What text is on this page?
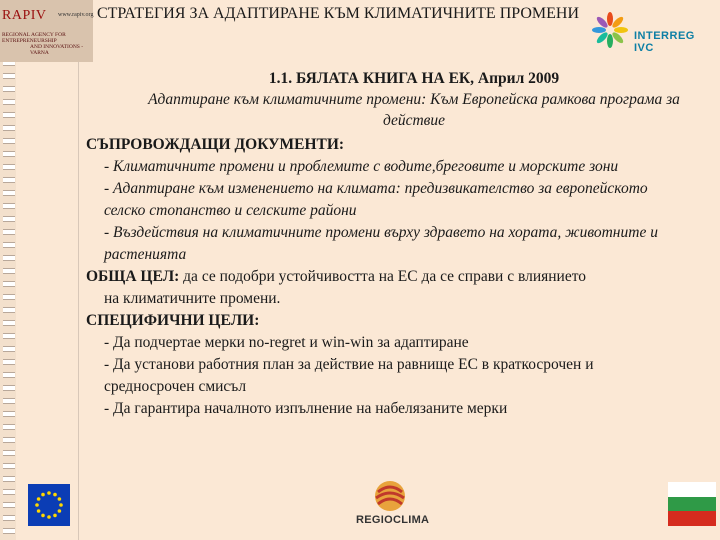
RAPIV www.rapiv.org
REGIONAL AGENCY FOR ENTREPRENEURSHIP
AND INNOVATIONS - VARNA
СТРАТЕГИЯ ЗА АДАПТИРАНЕ КЪМ КЛИМАТИЧНИТЕ ПРОМЕНИ
INTERREG IVC
1.1. БЯЛАТА КНИГА НА ЕК, Април 2009
Адаптиране към климатичните промени: Към Европейска рамкова програма за действие
СЪПРОВОЖДАЩИ ДОКУМЕНТИ:
- Климатичните промени и проблемите с водите,бреговите и морските зони
- Адаптиране към изменението на климата: предизвикателство за европейското селско стопанство и селските райони
- Въздействия на климатичните промени върху здравето на хората, животните и растенията
ОБЩА ЦЕЛ: да се подобри устойчивостта на ЕС да се справи с влиянието
на климатичните промени.
СПЕЦИФИЧНИ ЦЕЛИ:
- Да подчертае мерки no-regret и win-win за адаптиране
- Да установи работния план за действие на равнище ЕС в краткосрочен и средносрочен смисъл
- Да гарантира началното изпълнение на набелязаните мерки
REGIOCLIMA
